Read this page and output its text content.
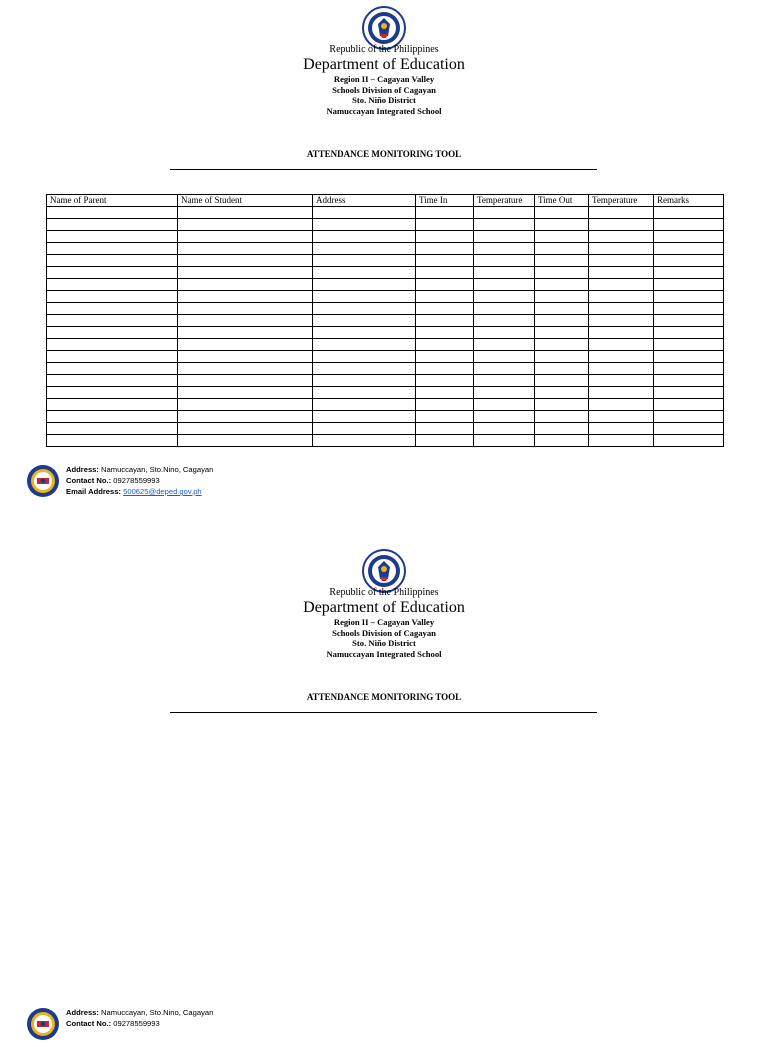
Republic of the Philippines
Department of Education
Region II – Cagayan Valley
Schools Division of Cagayan
Sto. Niño District
Namuccayan Integrated School
ATTENDANCE MONITORING TOOL
Name of Parent	Name of Student	Address	Time In	Temperature	Time Out	Temperature	Remarks

Address: Namuccayan, Sto.Nino, Cagayan
Contact No.: 09278559993
Email Address: 500625@deped.gov.ph
Republic of the Philippines
Department of Education
Region II – Cagayan Valley
Schools Division of Cagayan
Sto. Niño District
Namuccayan Integrated School
ATTENDANCE MONITORING TOOL
Address: Namuccayan, Sto.Nino, Cagayan
Contact No.: 09278559993
